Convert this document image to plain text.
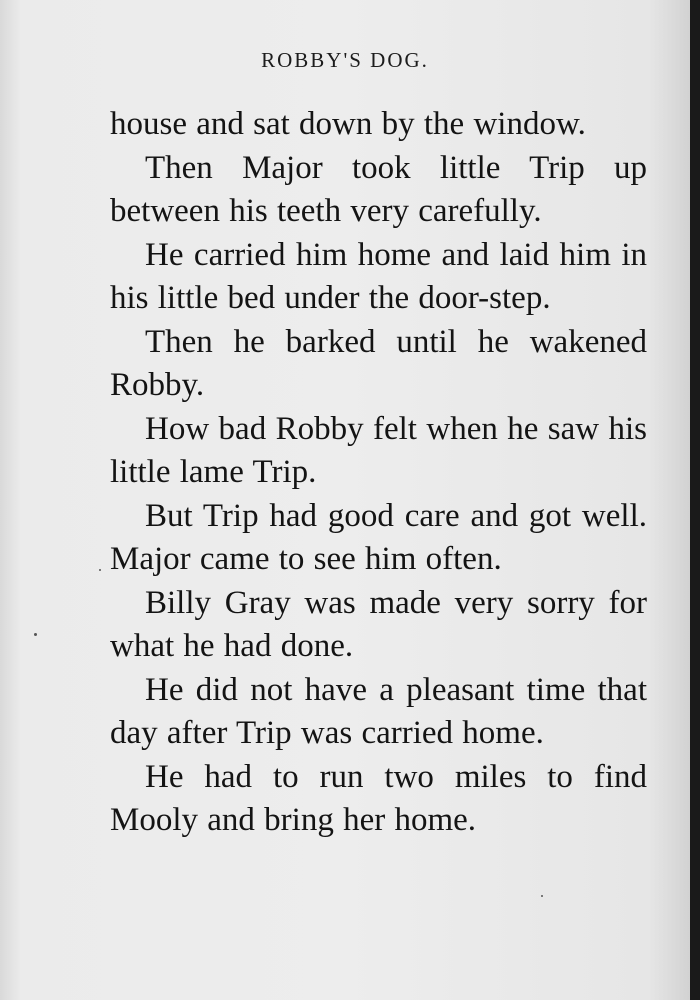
ROBBY'S DOG.

house and sat down by the window.

Then Major took little Trip up between his teeth very carefully.

He carried him home and laid him in his little bed under the door-step.

Then he barked until he wakened Robby.

How bad Robby felt when he saw his little lame Trip.

But Trip had good care and got well. Major came to see him often.

Billy Gray was made very sorry for what he had done.

He did not have a pleasant time that day after Trip was carried home.

He had to run two miles to find Mooly and bring her home.
